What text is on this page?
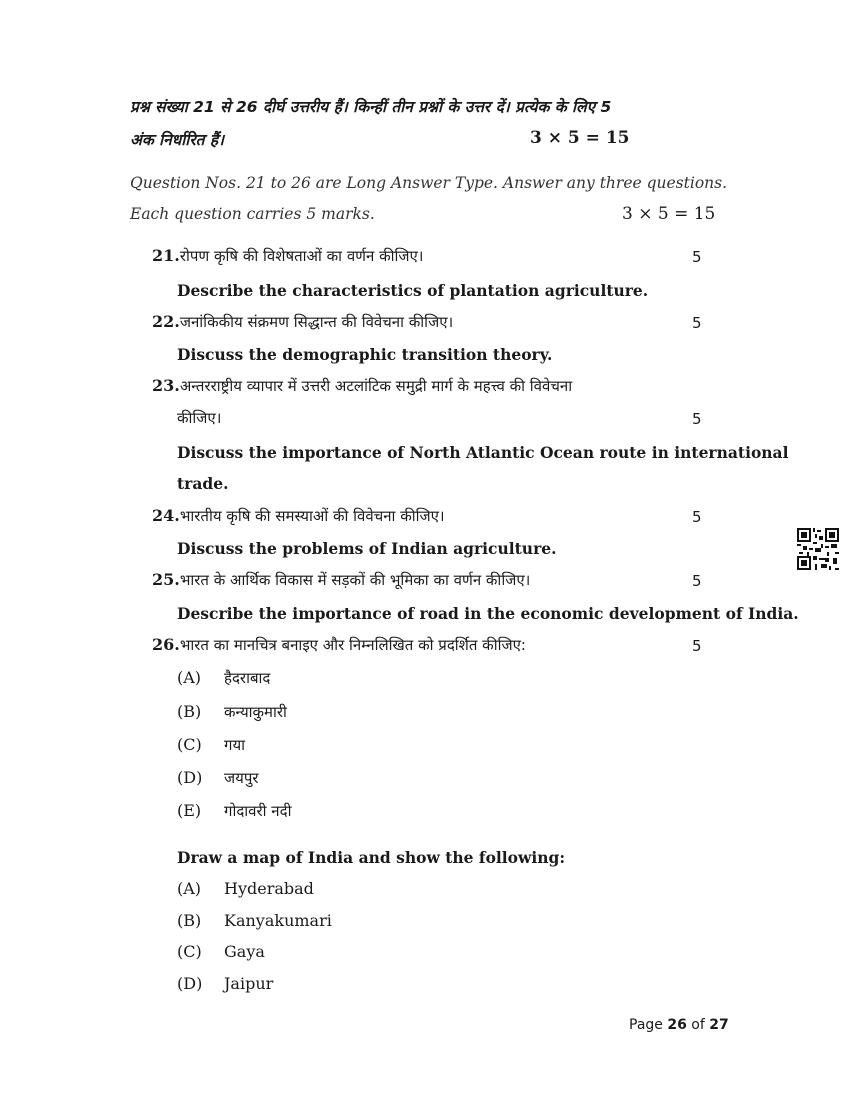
प्रश्न संख्या 21 से 26 दीर्घ उत्तरीय हैं। किन्हीं तीन प्रश्नों के उत्तर दें। प्रत्येक के लिए 5
अंक निर्धारित हैं।	3 × 5 = 15
Question Nos. 21 to 26 are Long Answer Type. Answer any three questions.
Each question carries 5 marks.	3 × 5 = 15
21.रोपण कृषि की विशेषताओं का वर्णन कीजिए।	5
Describe the characteristics of plantation agriculture.
22.जनांकिकीय संक्रमण सिद्धान्त की विवेचना कीजिए।	5
Discuss the demographic transition theory.
23.अन्तरराष्ट्रीय व्यापार में उत्तरी अटलांटिक समुद्री मार्ग के महत्त्व की विवेचना
कीजिए।	5
Discuss the importance of North Atlantic Ocean route in international
trade.
24.भारतीय कृषि की समस्याओं की विवेचना कीजिए।	5
Discuss the problems of Indian agriculture.
25.भारत के आर्थिक विकास में सड़कों की भूमिका का वर्णन कीजिए।	5
Describe the importance of road in the economic development of India.
26.भारत का मानचित्र बनाइए और निम्नलिखित को प्रदर्शित कीजिए:	5
(A) हैदराबाद
(B) कन्याकुमारी
(C) गया
(D) जयपुर
(E) गोदावरी नदी
Draw a map of India and show the following:
(A) Hyderabad
(B) Kanyakumari
(C) Gaya
(D) Jaipur
Page 26 of 27
